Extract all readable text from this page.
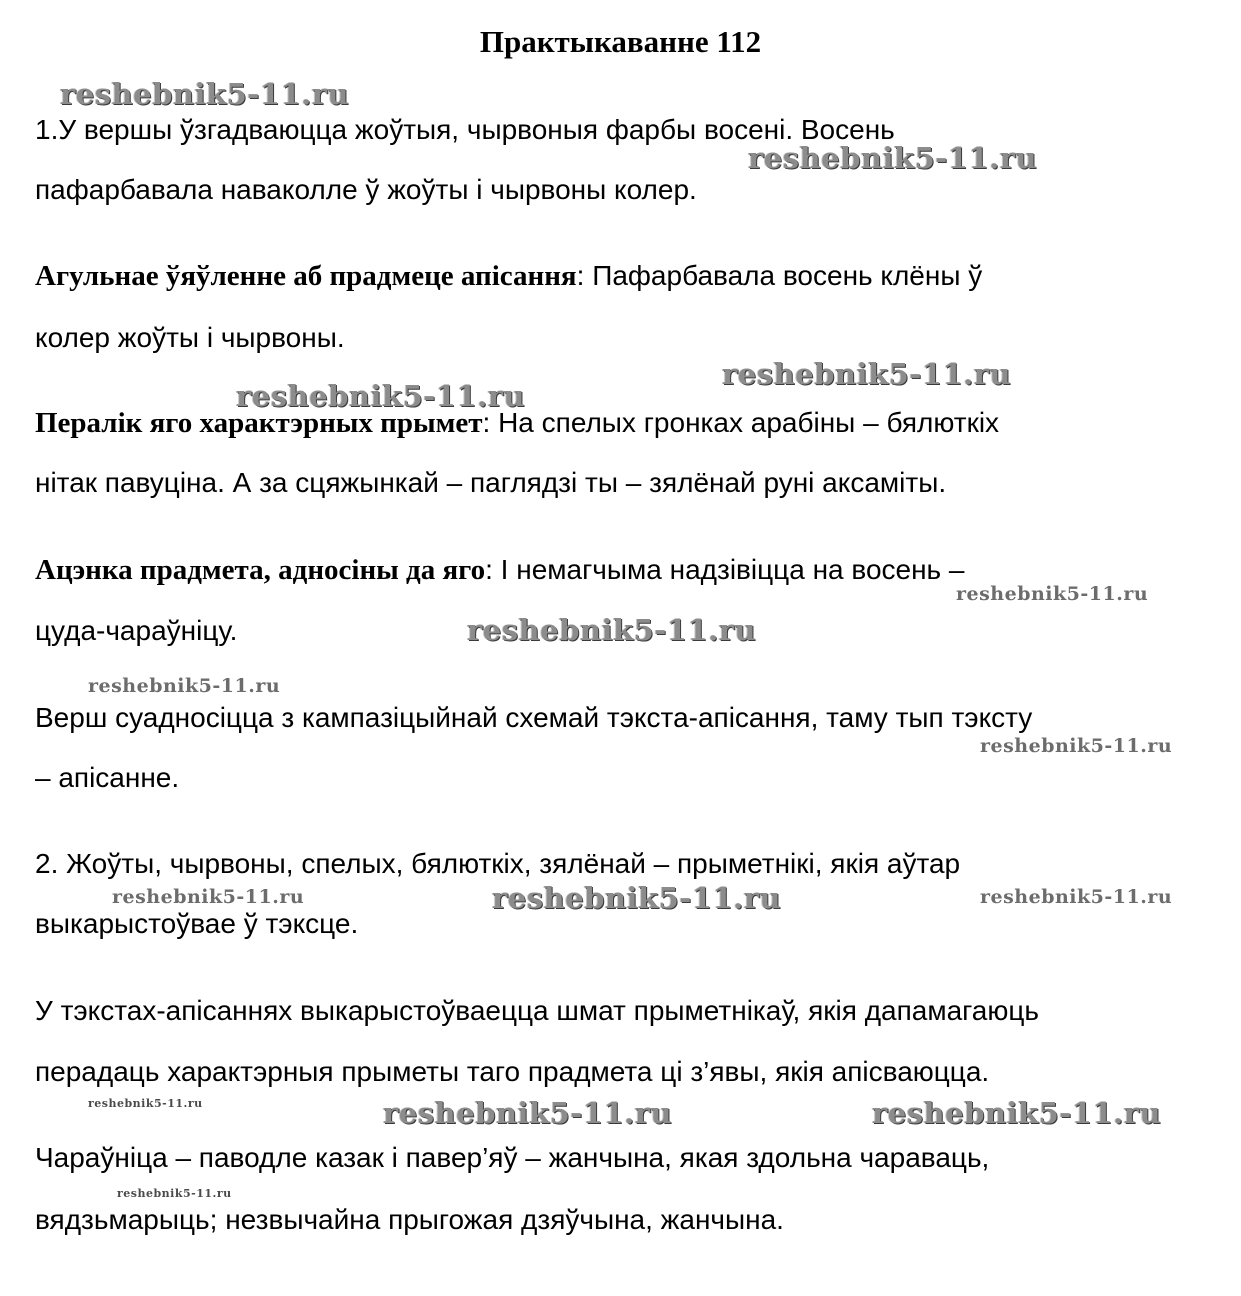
Практыкаванне 112
1.У вершы ўзгадваюцца жоўтыя, чырвоныя фарбы восені. Восень
пафарбавала наваколле ў жоўты і чырвоны колер.
Агульнае ўяўленне аб прадмеце апісання: Пафарбавала восень клёны ў
колер жоўты і чырвоны.
Пералік яго характэрных прымет: На спелых гронках арабіны – бялюткіх
нітак павуціна. А за сцяжынкай – паглядзі ты – зялёнай руні аксаміты.
Ацэнка прадмета, адносіны да яго: І немагчыма надзівіцца на восень –
цуда-чараўніцу.
Верш суадносіцца з кампазіцыйнай схемай тэкста-апісання, таму тып тэксту
– апісанне.
2. Жоўты, чырвоны, спелых, бялюткіх, зялёнай – прыметнікі, якія аўтар
выкарыстоўвае ў тэксце.
У тэкстах-апісаннях выкарыстоўваецца шмат прыметнікаў, якія дапамагаюць
перадаць характэрныя прыметы таго прадмета ці з’явы, якія апісваюцца.
Чараўніца – паводле казак і павер’яў – жанчына, якая здольна чараваць,
вядзьмарыць; незвычайна прыгожая дзяўчына, жанчына.
reshebnik5-11.ru
reshebnik5-11.ru
reshebnik5-11.ru
reshebnik5-11.ru
reshebnik5-11.ru
reshebnik5-11.ru
reshebnik5-11.ru
reshebnik5-11.ru
reshebnik5-11.ru	reshebnik5-11.ru	reshebnik5-11.ru
reshebnik5-11.ru	reshebnik5-11.ru	reshebnik5-11.ru
reshebnik5-11.ru
